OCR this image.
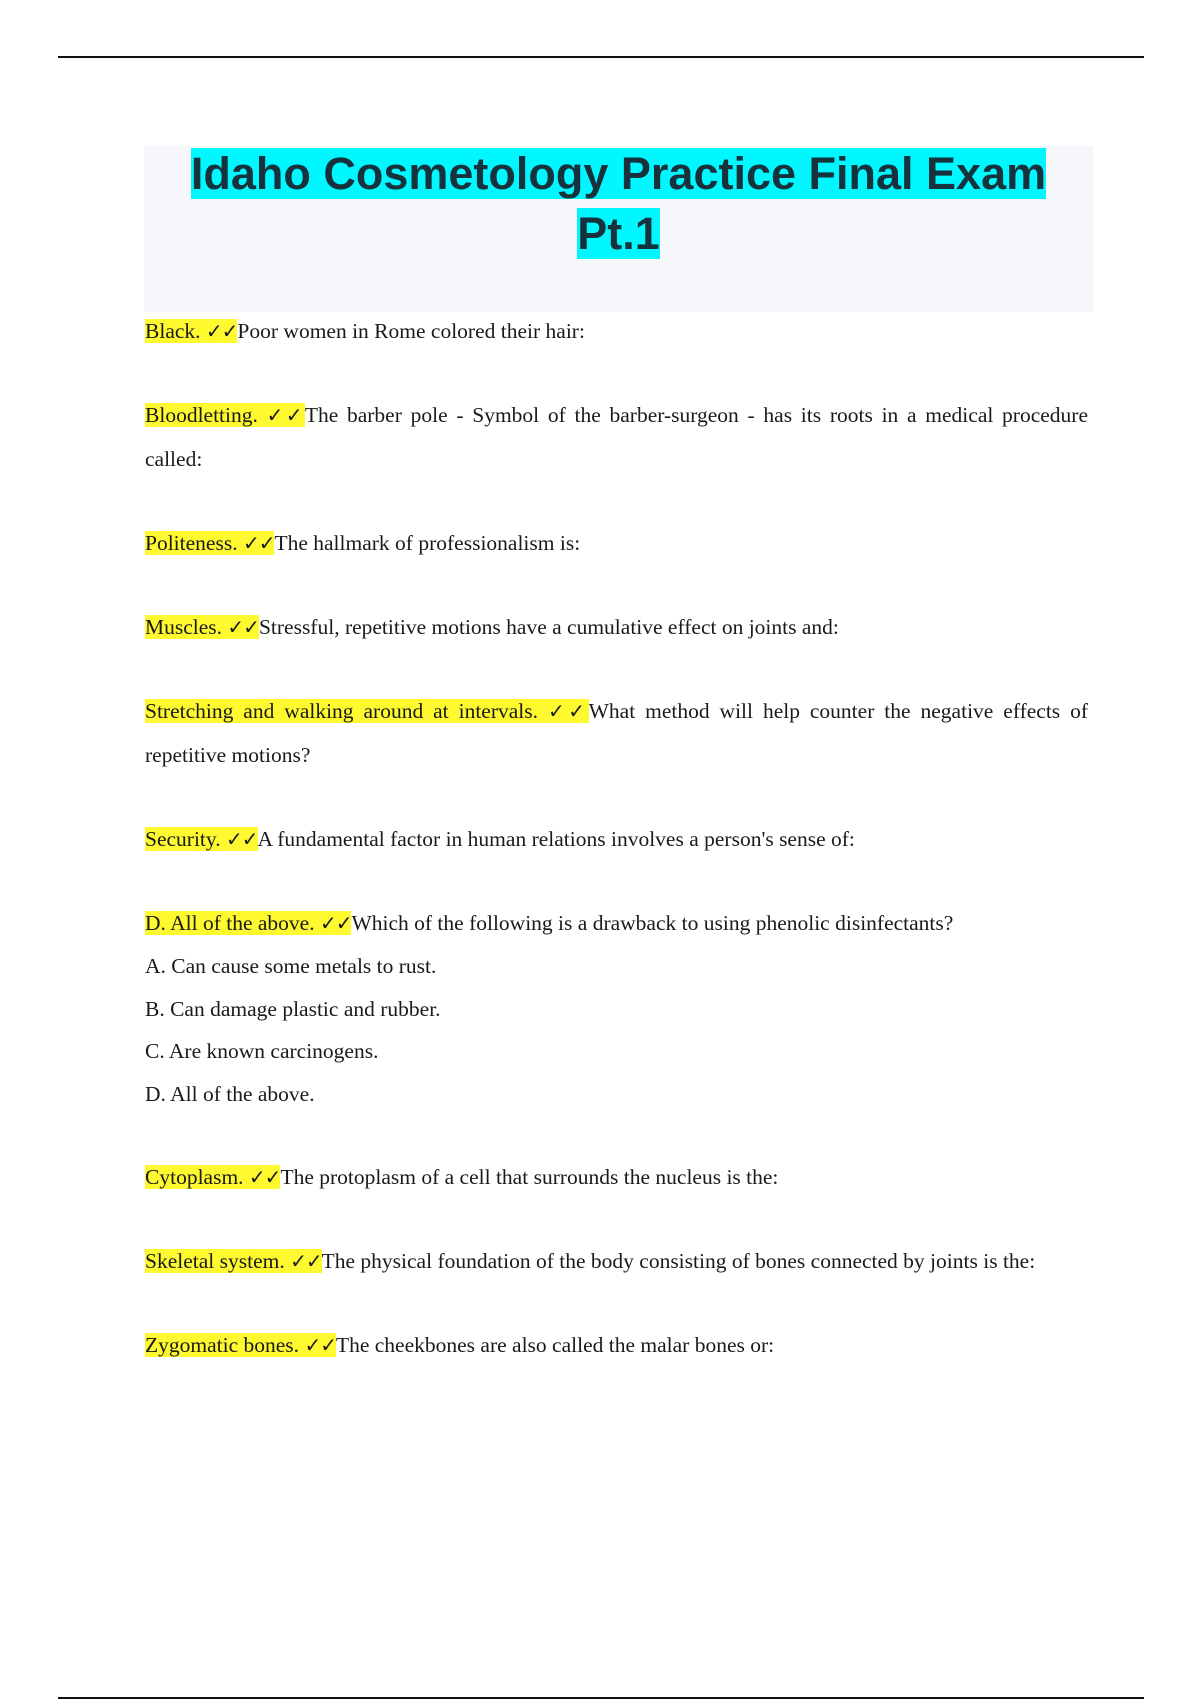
Idaho Cosmetology Practice Final Exam Pt.1

Black. ✓✓Poor women in Rome colored their hair:

Bloodletting. ✓✓The barber pole - Symbol of the barber-surgeon - has its roots in a medical procedure called:

Politeness. ✓✓The hallmark of professionalism is:

Muscles. ✓✓Stressful, repetitive motions have a cumulative effect on joints and:

Stretching and walking around at intervals. ✓✓What method will help counter the negative effects of repetitive motions?

Security. ✓✓A fundamental factor in human relations involves a person's sense of:

D. All of the above. ✓✓Which of the following is a drawback to using phenolic disinfectants?

A. Can cause some metals to rust.
B. Can damage plastic and rubber.
C. Are known carcinogens.
D. All of the above.

Cytoplasm. ✓✓The protoplasm of a cell that surrounds the nucleus is the:

Skeletal system. ✓✓The physical foundation of the body consisting of bones connected by joints is the:

Zygomatic bones. ✓✓The cheekbones are also called the malar bones or:
